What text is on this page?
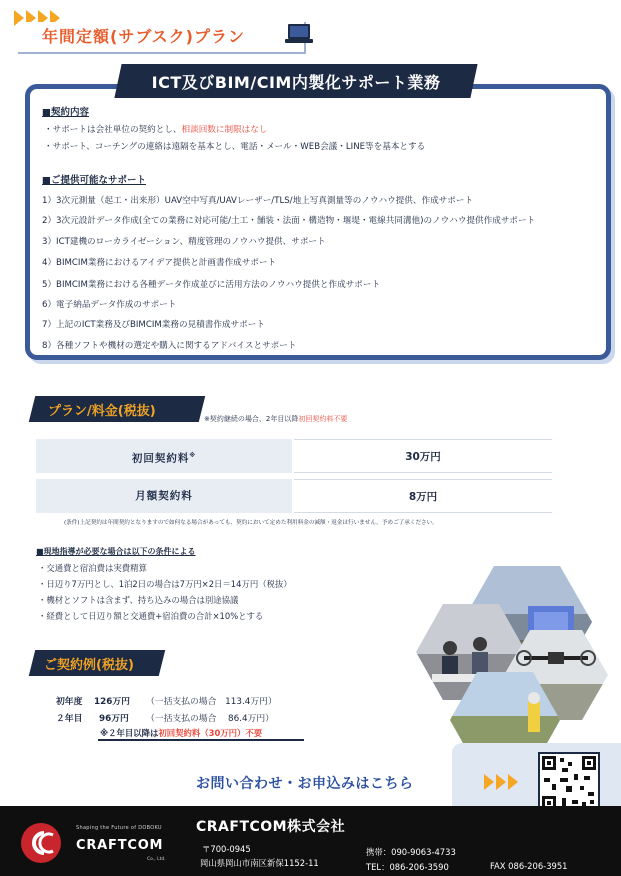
年間定額(サブスク)プラン
ICT及びBIM/CIM内製化サポート業務
■契約内容
・サポートは会社単位の契約とし、相談回数に制限はなし
・サポート、コーチングの連絡は遠隔を基本とし、電話・メール・WEB会議・LINE等を基本とする
■ご提供可能なサポート
1）3次元測量（起工・出来形）UAV空中写真/UAVレーザー/TLS/地上写真測量等のノウハウ提供、作成サポート
2）3次元設計データ作成(全ての業務に対応可能/土工・舗装・法面・構造物・堰堤・電線共同溝他)のノウハウ提供作成サポート
3）ICT建機のローカライゼーション、精度管理のノウハウ提供、サポート
4）BIMCIM業務におけるアイデア提供と計画書作成サポート
5）BIMCIM業務における各種データ作成並びに活用方法のノウハウ提供と作成サポート
6）電子納品データ作成のサポート
7）上記のICT業務及びBIMCIM業務の見積書作成サポート
8）各種ソフトや機材の選定や購入に関するアドバイスとサポート
プラン/料金(税抜)	※契約継続の場合、2年目以降初回契約料不要
初回契約料※	30万円
月額契約料	8万円
(条件)上記契約は年間契約となりますので如何なる場合があっても、契約において定めた利用料金の減額・返金は行いません。予めご了承ください。
■現地指導が必要な場合は以下の条件による
・交通費と宿泊費は実費精算
・日辺り7万円とし、1泊2日の場合は7万円×2日＝14万円（税抜）
・機材とソフトは含まず、持ち込みの場合は別途協議
・経費として日辺り額と交通費+宿泊費の合計×10%とする
ご契約例(税抜)
初年度 126万円 （一括支払の場合　113.4万円）
２年目 96万円 （一括支払の場合　 86.4万円）
※２年目以降は初回契約料（30万円）不要
お問い合わせ・お申込みはこちら
Shaping the Future of DOBOKU
CRAFTCOM
Co., Ltd.
CRAFTCOM株式会社
〒700-0945
岡山県岡山市南区新保1152-11
携帯：090-9063-4733
TEL：086-206-3590	FAX 086-206-3951
